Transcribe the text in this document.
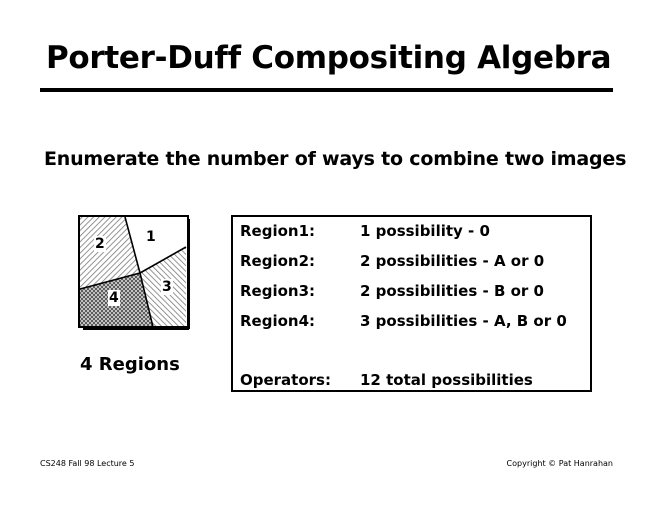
Porter-Duff Compositing Algebra
Enumerate the number of ways to combine two images
1
2
3
4
4 Regions
Region1:	1 possibility - 0
Region2:	2 possibilities - A or 0
Region3:	2 possibilities - B or 0
Region4:	3 possibilities - A, B or 0
Operators: 12 total possibilities
CS248 Fall 98 Lecture 5	Copyright © Pat Hanrahan
